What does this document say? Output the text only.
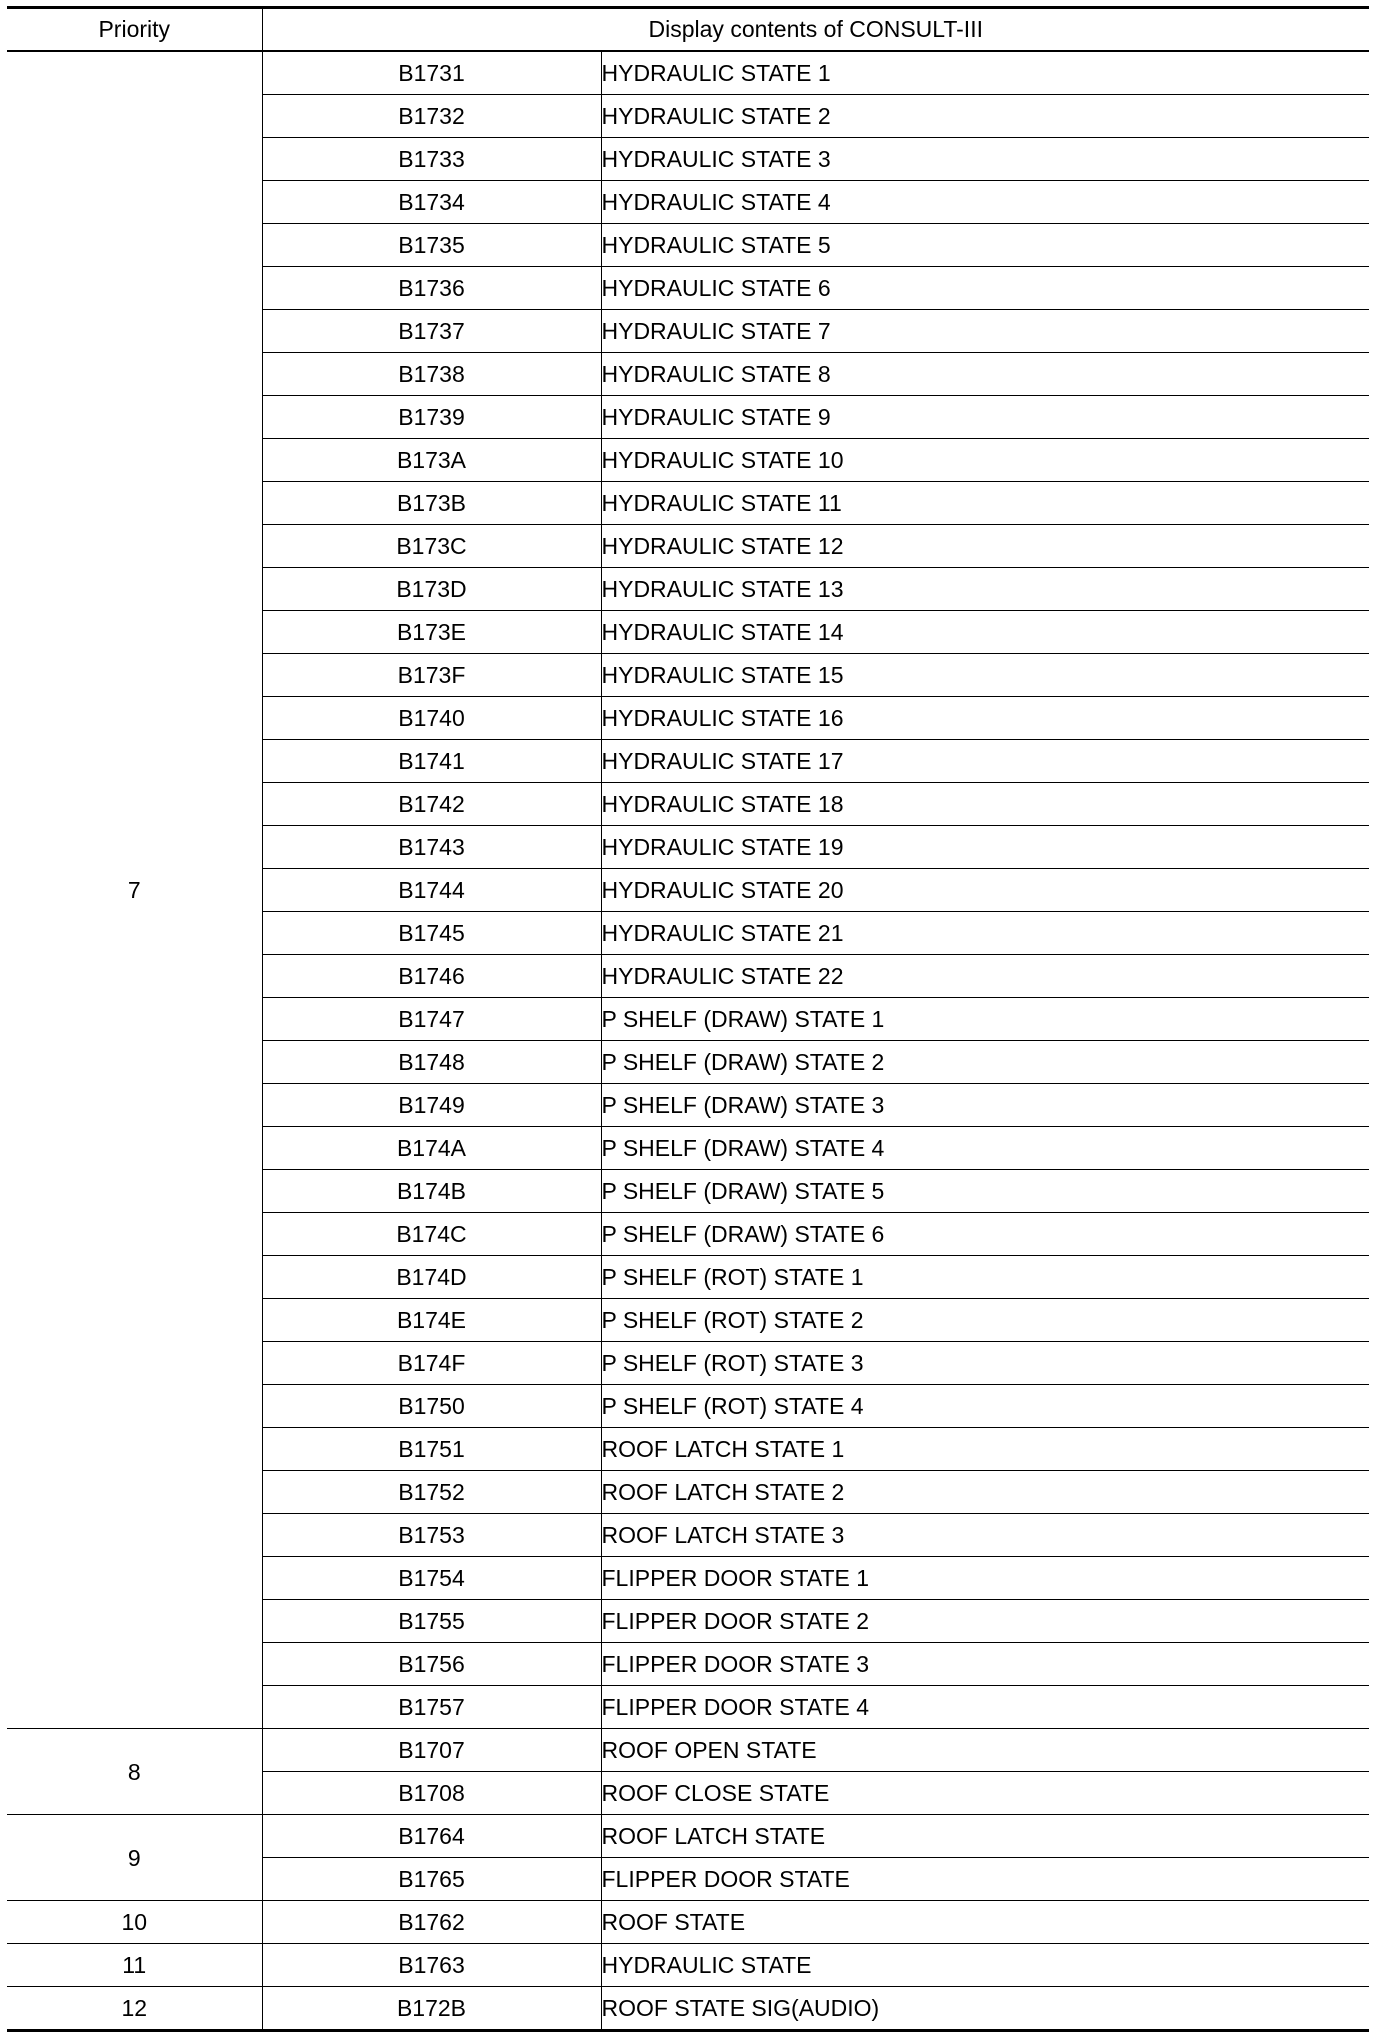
Priority	Display contents of CONSULT-III	
7	B1731	HYDRAULIC STATE 1
	B1732	HYDRAULIC STATE 2
	B1733	HYDRAULIC STATE 3
	B1734	HYDRAULIC STATE 4
	B1735	HYDRAULIC STATE 5
	B1736	HYDRAULIC STATE 6
	B1737	HYDRAULIC STATE 7
	B1738	HYDRAULIC STATE 8
	B1739	HYDRAULIC STATE 9
	B173A	HYDRAULIC STATE 10
	B173B	HYDRAULIC STATE 11
	B173C	HYDRAULIC STATE 12
	B173D	HYDRAULIC STATE 13
	B173E	HYDRAULIC STATE 14
	B173F	HYDRAULIC STATE 15
	B1740	HYDRAULIC STATE 16
	B1741	HYDRAULIC STATE 17
	B1742	HYDRAULIC STATE 18
	B1743	HYDRAULIC STATE 19
	B1744	HYDRAULIC STATE 20
	B1745	HYDRAULIC STATE 21
	B1746	HYDRAULIC STATE 22
	B1747	P SHELF (DRAW) STATE 1
	B1748	P SHELF (DRAW) STATE 2
	B1749	P SHELF (DRAW) STATE 3
	B174A	P SHELF (DRAW) STATE 4
	B174B	P SHELF (DRAW) STATE 5
	B174C	P SHELF (DRAW) STATE 6
	B174D	P SHELF (ROT) STATE 1
	B174E	P SHELF (ROT) STATE 2
	B174F	P SHELF (ROT) STATE 3
	B1750	P SHELF (ROT) STATE 4
	B1751	ROOF LATCH STATE 1
	B1752	ROOF LATCH STATE 2
	B1753	ROOF LATCH STATE 3
	B1754	FLIPPER DOOR STATE 1
	B1755	FLIPPER DOOR STATE 2
	B1756	FLIPPER DOOR STATE 3
	B1757	FLIPPER DOOR STATE 4
8	B1707	ROOF OPEN STATE
	B1708	ROOF CLOSE STATE
9	B1764	ROOF LATCH STATE
	B1765	FLIPPER DOOR STATE
10	B1762	ROOF STATE
11	B1763	HYDRAULIC STATE
12	B172B	ROOF STATE SIG(AUDIO)
